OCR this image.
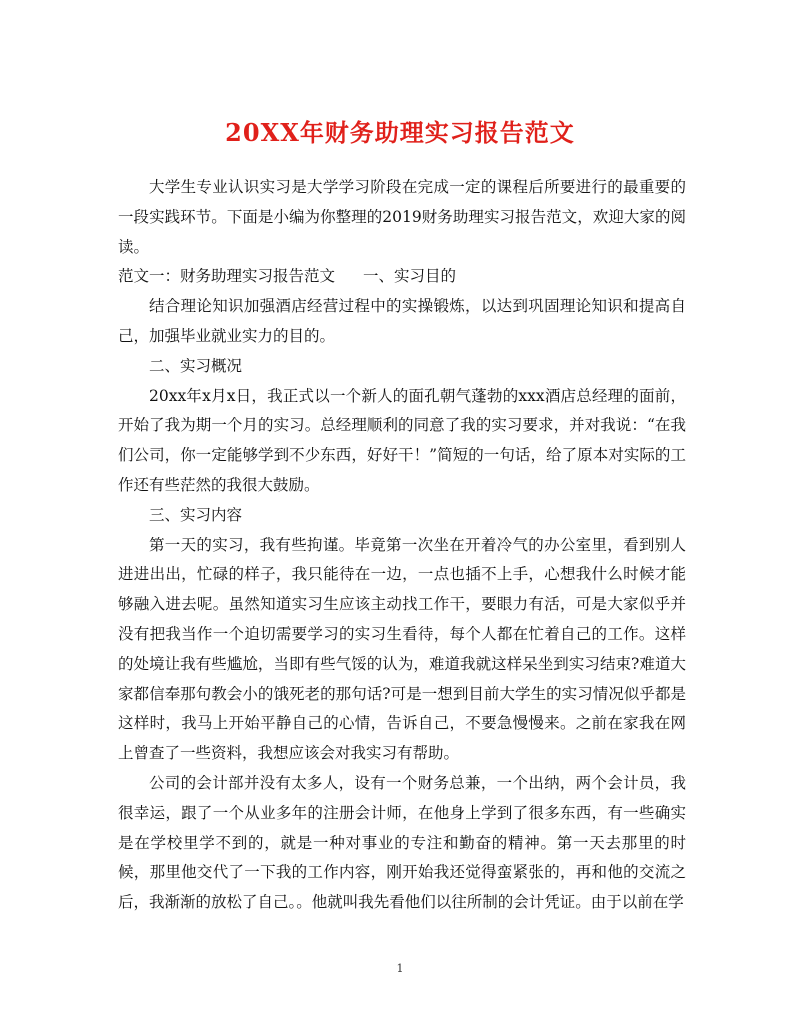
20XX年财务助理实习报告范文

大学生专业认识实习是大学学习阶段在完成一定的课程后所要进行的最重要的一段实践环节。下面是小编为你整理的2019财务助理实习报告范文，欢迎大家的阅读。

范文一：财务助理实习报告范文 一、实习目的

结合理论知识加强酒店经营过程中的实操锻炼，以达到巩固理论知识和提高自己，加强毕业就业实力的目的。

二、实习概况

20xx年x月x日，我正式以一个新人的面孔朝气蓬勃的xxx酒店总经理的面前，开始了我为期一个月的实习。总经理顺利的同意了我的实习要求，并对我说：“在我们公司，你一定能够学到不少东西，好好干！”简短的一句话，给了原本对实际的工作还有些茫然的我很大鼓励。

三、实习内容

第一天的实习，我有些拘谨。毕竟第一次坐在开着冷气的办公室里，看到别人进进出出，忙碌的样子，我只能待在一边，一点也插不上手，心想我什么时候才能够融入进去呢。虽然知道实习生应该主动找工作干，要眼力有活，可是大家似乎并没有把我当作一个迫切需要学习的实习生看待，每个人都在忙着自己的工作。这样的处境让我有些尴尬，当即有些气馁的认为，难道我就这样呆坐到实习结束?难道大家都信奉那句教会小的饿死老的那句话?可是一想到目前大学生的实习情况似乎都是这样时，我马上开始平静自己的心情，告诉自己，不要急慢慢来。之前在家我在网上曾查了一些资料，我想应该会对我实习有帮助。

公司的会计部并没有太多人，设有一个财务总兼，一个出纳，两个会计员，我很幸运，跟了一个从业多年的注册会计师，在他身上学到了很多东西，有一些确实是在学校里学不到的，就是一种对事业的专注和勤奋的精神。第一天去那里的时候，那里他交代了一下我的工作内容，刚开始我还觉得蛮紧张的，再和他的交流之后，我渐渐的放松了自己。。他就叫我先看他们以往所制的会计凭证。由于以前在学

1
